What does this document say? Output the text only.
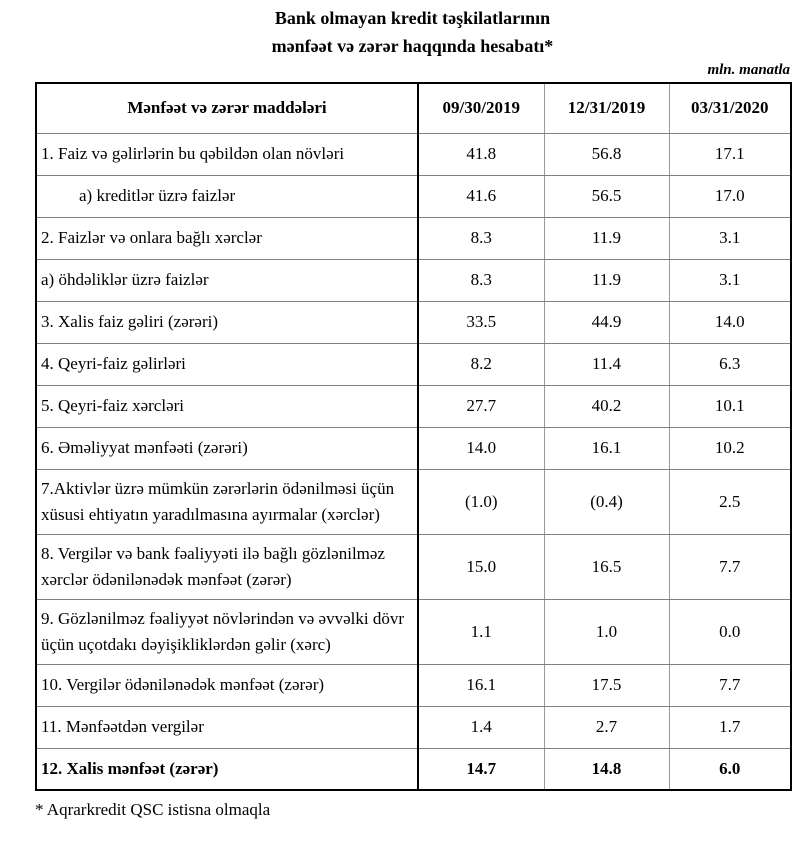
Bank olmayan kredit təşkilatlarının
mənfəət və zərər haqqında hesabatı*
mln. manatla
Mənfəət və zərər maddələri	09/30/2019	12/31/2019	03/31/2020
1. Faiz və gəlirlərin bu qəbildən olan növləri	41.8	56.8	17.1
a) kreditlər üzrə faizlər	41.6	56.5	17.0
2. Faizlər və onlara bağlı xərclər	8.3	11.9	3.1
a) öhdəliklər üzrə faizlər	8.3	11.9	3.1
3. Xalis faiz gəliri (zərəri)	33.5	44.9	14.0
4. Qeyri-faiz gəlirləri	8.2	11.4	6.3
5. Qeyri-faiz xərcləri	27.7	40.2	10.1
6. Əməliyyat mənfəəti (zərəri)	14.0	16.1	10.2
7.Aktivlər üzrə mümkün zərərlərin ödənilməsi üçün xüsusi ehtiyatın yaradılmasına ayırmalar (xərclər)	(1.0)	(0.4)	2.5
8. Vergilər və bank fəaliyyəti ilə bağlı gözlənilməz xərclər ödənilənədək mənfəət (zərər)	15.0	16.5	7.7
9. Gözlənilməz fəaliyyət növlərindən və əvvəlki dövr üçün uçotdakı dəyişikliklərdən gəlir (xərc)	1.1	1.0	0.0
10. Vergilər ödənilənədək mənfəət (zərər)	16.1	17.5	7.7
11. Mənfəətdən vergilər	1.4	2.7	1.7
12. Xalis mənfəət (zərər)	14.7	14.8	6.0
* Aqrarkredit QSC istisna olmaqla
